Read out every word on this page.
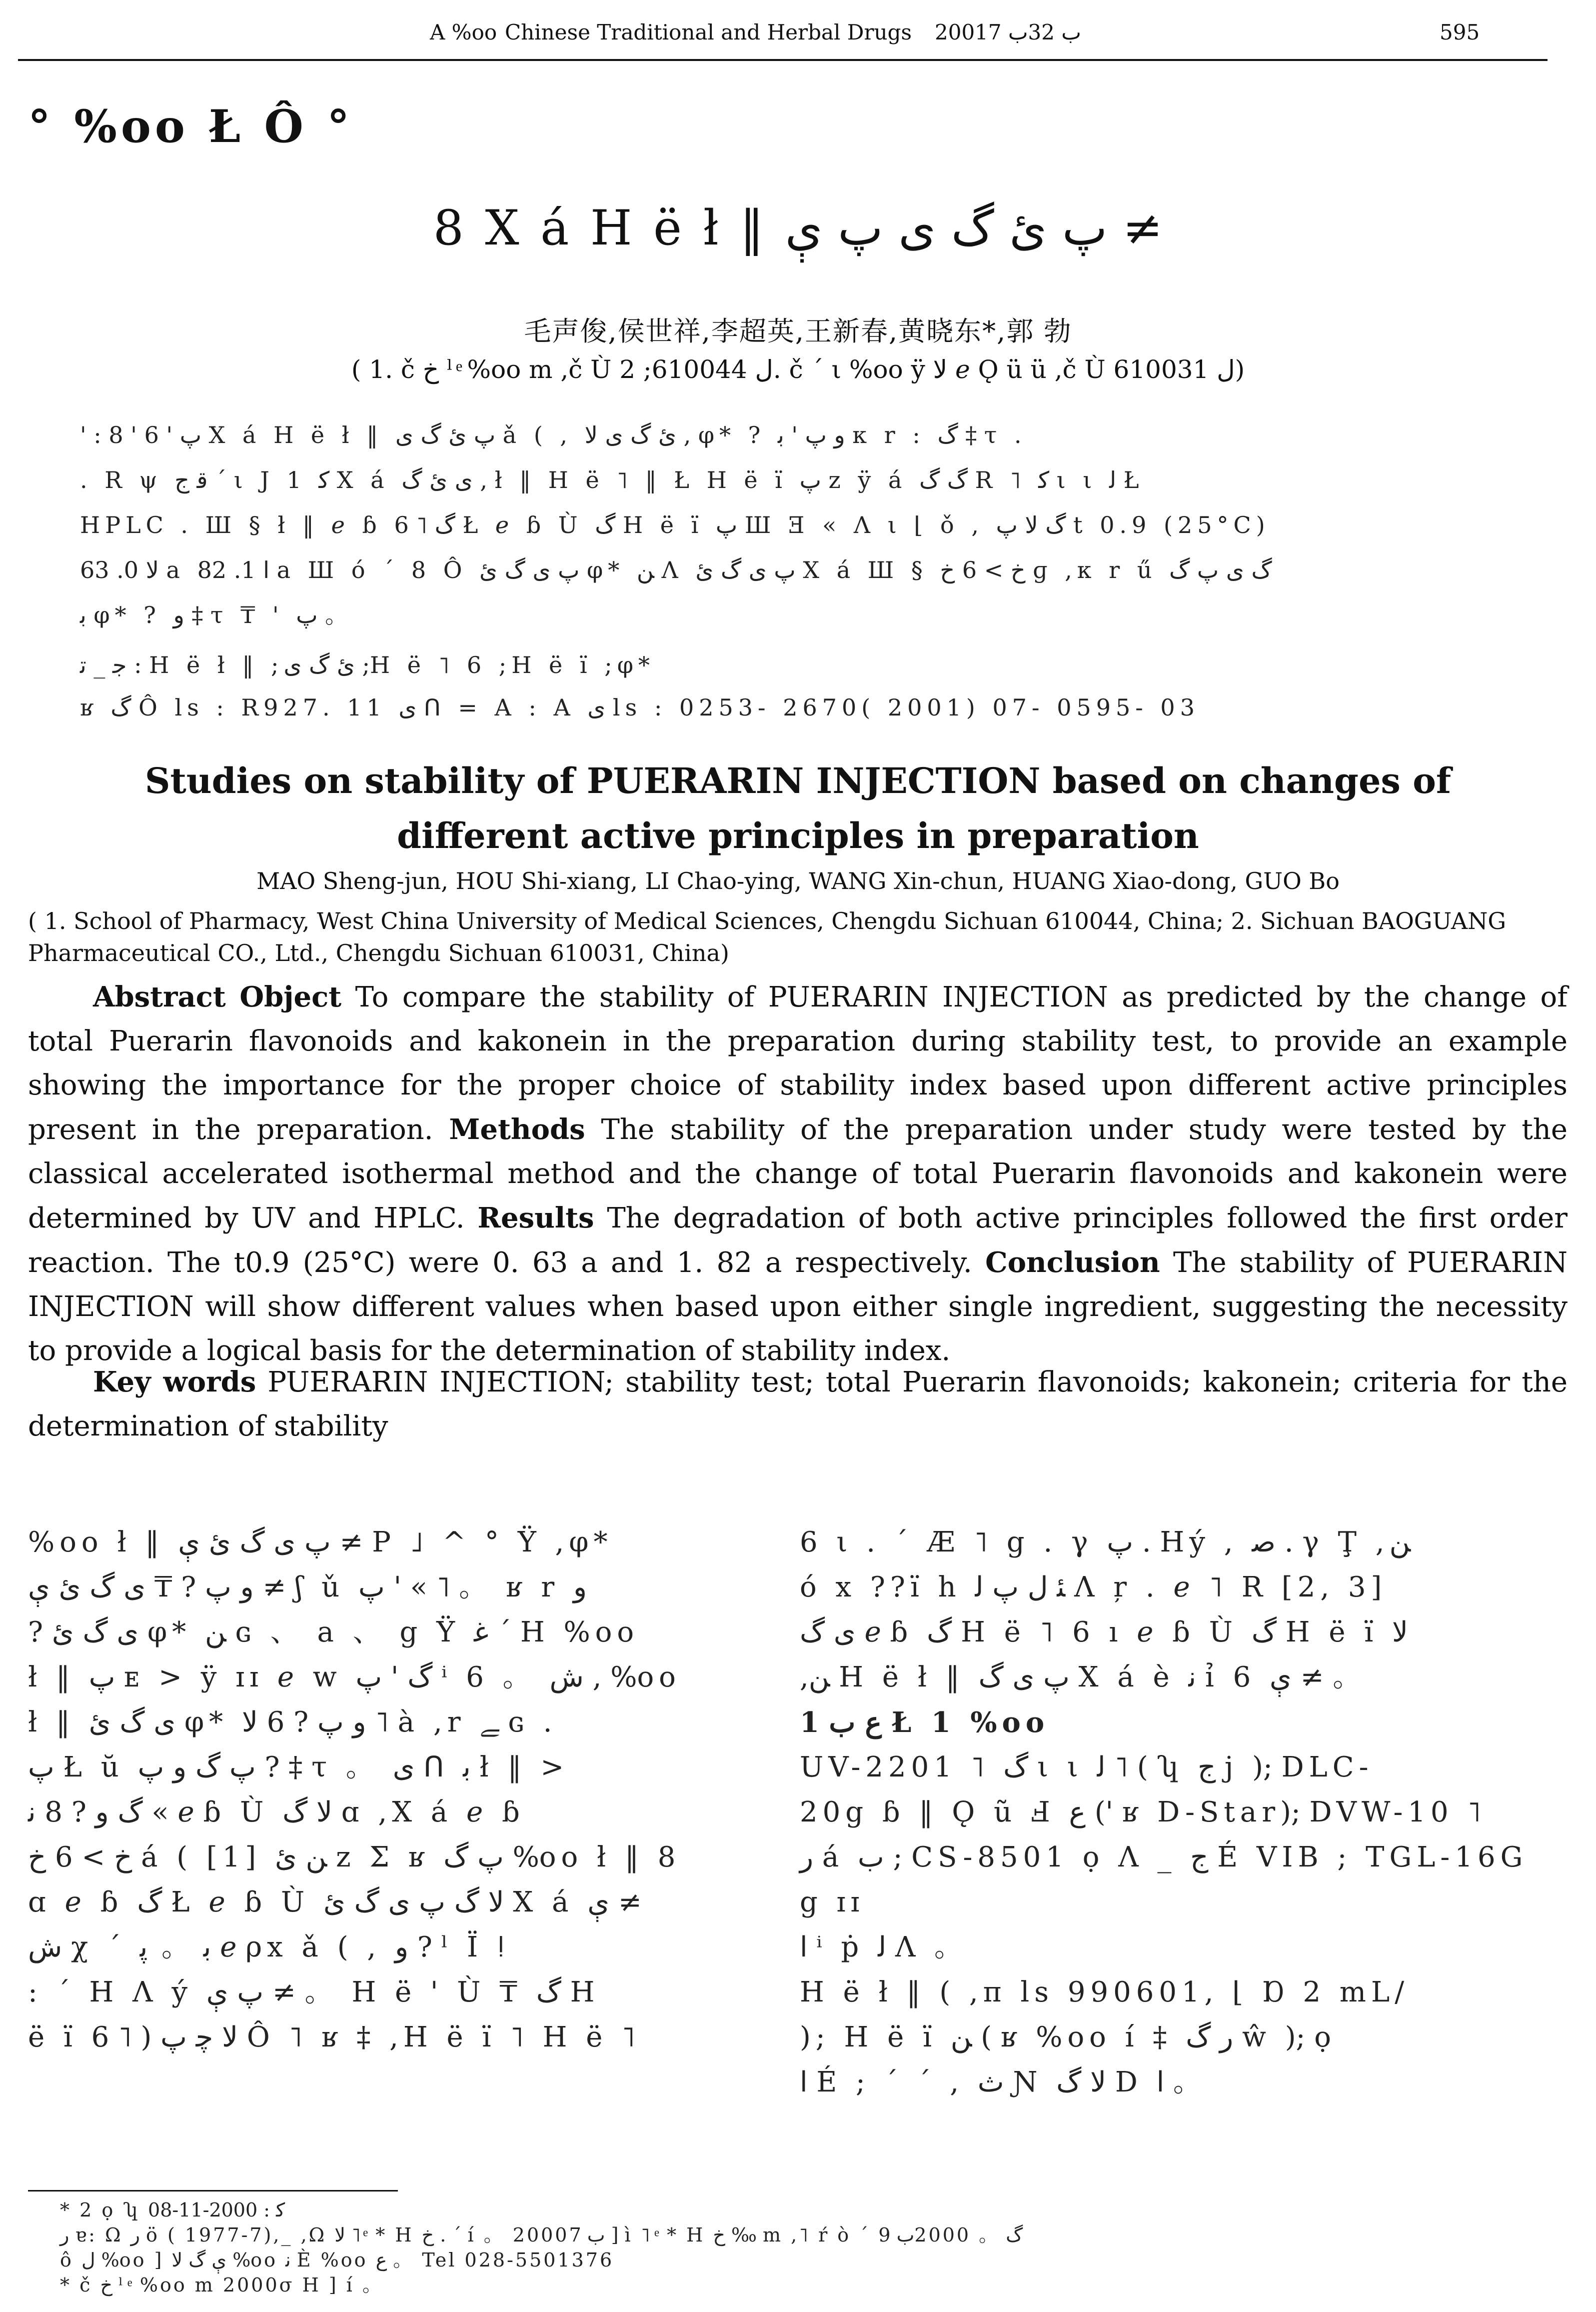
A %oo Chinese Traditional and Herbal Drugs 2001ب 32ب 7	595
° %oo Ł Ô °
8 X á H ë ł ‖ پ ئ گ ى پ ې ≠
毛声俊,侯世祥,李超英,王新春,黄晓东*,郭 勃
( 1. č ﺥ ˡ ͤ %oo m ,č Ù ﻝ 610044; 2. č ´ ι %oo ÿ ﻻ ℯ Ǫ ü ü ,č Ù ﻝ 610031)
' : پ ' 6 ' 8 X á H ë ł ‖ پ ئ گ ى ǎ ( , ئ گ ى ﻻ , φ* ? و پ ' ﺑ κ r : گ ‡ τ .
. R ψ ﻗ ﺝ ´ ι J 1 ﻛ X á ى ئ گ , ł ‖ H ë ˥ ‖ Ł H ë ï پ z ÿ á گ گ R ˥ ﻛ ι ι ﻟ Ł
HPLC . Ш § ł ‖ ℯ ɓ گ ˥ 6 Ł ℯ ɓ Ù گ H ë ï پ Ш Ǝ « Λ ι ⌊ ǒ , گ ﻻ پ t 0.9 (25°C)
ﻻ 0. 63 a ﺍ 1. 82 a Ш ó ´ 8 Ô پ ى گ ئ φ* ﻦ Λ پ ى گ ئ X á Ш § ﺥ > 6 ﺥ ɡ ,κ r ű گ ى پ گ
ﺑ φ* ? و ‡ τ ₸ ' پ 。
ﺟ _ ﺗ : H ë ł ‖ ;ئ گ ى ;H ë ˥ 6 ;H ë ï ;φ*
ʁ گ Ô ls : R927. 11 ى ᑎ = A : A ى ls : 0253- 2670( 2001) 07- 0595- 03
Studies on stability of PUERARIN INJECTION based on changes of
different active principles in preparation
MAO Sheng-jun, HOU Shi-xiang, LI Chao-ying, WANG Xin-chun, HUANG Xiao-dong, GUO Bo
( 1. School of Pharmacy, West China University of Medical Sciences, Chengdu Sichuan 610044, China; 2. Sichuan BAOGUANG Pharmaceutical CO., Ltd., Chengdu Sichuan 610031, China)
Abstract Object To compare the stability of PUERARIN INJECTION as predicted by the change of total Puerarin flavonoids and kakonein in the preparation during stability test, to provide an example showing the importance for the proper choice of stability index based upon different active principles present in the preparation. Methods The stability of the preparation under study were tested by the classical accelerated isothermal method and the change of total Puerarin flavonoids and kakonein were determined by UV and HPLC. Results The degradation of both active principles followed the first order reaction. The t0.9 (25°C) were 0. 63 a and 1. 82 a respectively. Conclusion The stability of PUERARIN INJECTION will show different values when based upon either single ingredient, suggesting the necessity to provide a logical basis for the determination of stability index.
Key words PUERARIN INJECTION; stability test; total Puerarin flavonoids; kakonein; criteria for the determination of stability
%oo ł ‖ پ ى گ ئ ې ≠ P ˩ ^ ° Ÿ ,φ*
و پ ? ₸ ى گ ئ ې ≠ ʃ ǔ پ ' « ˥ 。 ʁ r و
? ى گ ئ φ* ﻦ ɢ 、 a 、 g Ÿ ﻏ ´ H %oo
ł ‖ پ ᴇ > ÿ ɪɪ ℯ w گ ' پ ⁱ 6 。 ﺵ , %oo
ł ‖ ى گ ئ φ* و پ ? 6 ﻻ ˥ à ,r ﮯ ɢ .
پ Ł ŭ پ گ و پ ? ‡ τ 。 ى ᑎ ﺑ ł ‖ >
گ و ? 8 ﻧ « ℯ ɓ Ù ﻻ گ ɑ ,X á ℯ ɓ
ﺥ > 6 ﺥ á ( [1] ﻦ ئ z Σ ʁ پ گ %oo ł ‖ 8
ɑ ℯ ɓ گ Ł ℯ ɓ Ù ﻻ گ پ ى گ ئ X á ې ≠
ﺵ χ ´ ﺑ 。 ﭘ ℯ ρx ǎ ( , و ? ˡ Ï ǃ
: ´ H Λ ý پ ې ≠ 。 H ë ' Ù ₸ گ H
ë ï ﻻ ﭼ پ ( ˥ 6 Ô ˥ ʁ ‡ ,H ë ï ˥ H ë ˥
6 ι . ´ Æ ˥ g . γ پ . Hý , ﺻ . γ Ţ ,ﻦ
ó x ??ï h ﺌ ﻝ پ ﻟ Λ ŗ . ℯ ˥ R [2, 3]
ى گ ℯ ɓ گ H ë ˥ 6 ı ℯ ɓ Ù گ H ë ï ﻻ
,ﻦ H ë ł ‖ پ ى گ X á è ﻧ ỉ 6 ې ≠ 。
1 ﻉ ب Ł 1 %oo
UV-2201 ˥ گ ι ι ﻟ ˥ ( ʮ ﺝ j ); DLC-
20g ɓ ‖ Ǫ ũ Ⅎ ﻉ (' ʁ D-Star); DVW-10 ˥
ﺭ á ب ; CS-8501 ọ Λ _ ﺝ É VIB ; TGL-16G g ɪɪ
ﺍ ⁱ ṗ ﻟ Λ 。
H ë ł ‖ ( ,ᴨ ls 990601, ⌊ Ɒ 2 mL/
); H ë ï ﻦ ( ʁ %oo í ‡ ﺭ گ ŵ ); ọ
ﺍ É ; ´ ´ , ﺙ Ɲ ﻻ گ D ﺍ 。
* 2 ọ ʮ ﻛ : 2000-11-08
ﺭ ɐ: Ω ﺭ ö ( 1977-7),_ ,Ω ﻻ ˥ ͤ * H ﺥ . ´ í 。 2000ب 7 ] ì ˥ ͤ * H ﺥ ‰ m ,˥ ŕ ò ´ گ 。 2000ب 9
ô ﻝ %oo ] ې گ ﻻ %oo ﻧ È %oo ﻉ 。 Tel 028-5501376
* č ﺥ ˡ ͤ %oo m 2000σ H ] í 。
